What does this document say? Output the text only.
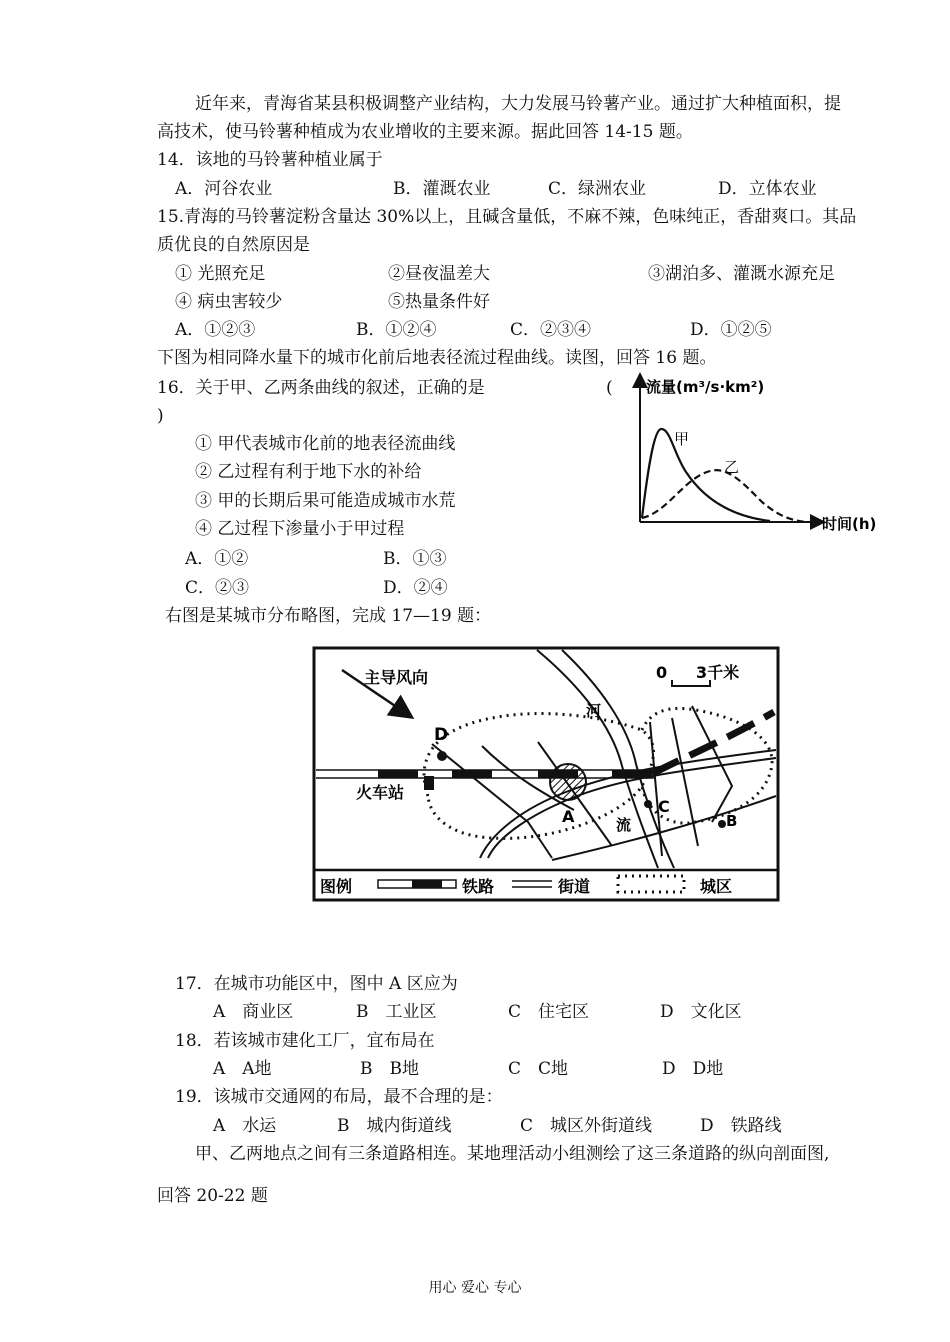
近年来，青海省某县积极调整产业结构，大力发展马铃薯产业。通过扩大种植面积，提
高技术，使马铃薯种植成为农业增收的主要来源。据此回答 14-15 题。
14．该地的马铃薯种植业属于
A．河谷农业	B．灌溉农业	C．绿洲农业	D．立体农业
15.青海的马铃薯淀粉含量达 30%以上，且碱含量低，不麻不辣，色味纯正，香甜爽口。其品
质优良的自然原因是
① 光照充足	②昼夜温差大	③湖泊多、灌溉水源充足
④ 病虫害较少	⑤热量条件好
A．①②③	B．①②④	C．②③④	D．①②⑤
下图为相同降水量下的城市化前后地表径流过程曲线。读图，回答 16 题。
16．关于甲、乙两条曲线的叙述，正确的是	(
)
① 甲代表城市化前的地表径流曲线
② 乙过程有利于地下水的补给
③ 甲的长期后果可能造成城市水荒
④ 乙过程下渗量小于甲过程
A．①②	B．①③
C．②③	D．②④
流量(m³/s·km²)
时间(h)
甲
乙
右图是某城市分布略图，完成 17—19 题：
主导风向	0 3千米
河
流
火车站
A
C
B
D
图例	铁路	街道	城区
17．在城市功能区中，图中 A 区应为
A　商业区	B　工业区	C　住宅区	D　文化区
18．若该城市建化工厂，宜布局在
A　A地	B　B地	C　C地	D　D地
19．该城市交通网的布局，最不合理的是：
A　水运	B　城内街道线	C　城区外街道线	D　铁路线
甲、乙两地点之间有三条道路相连。某地理活动小组测绘了这三条道路的纵向剖面图,
回答 20-22 题
用心 爱心 专心
